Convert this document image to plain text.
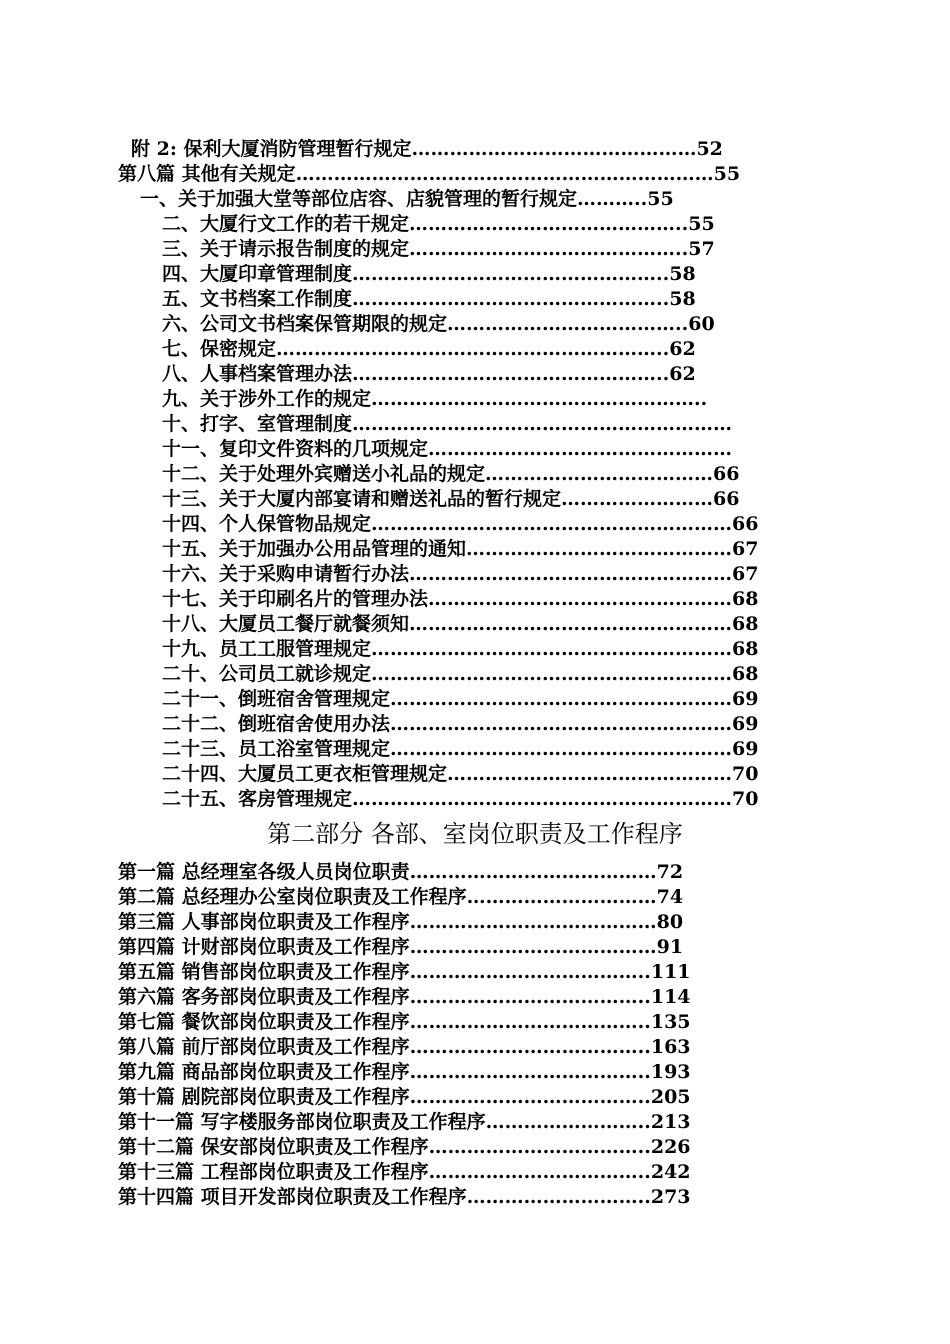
附 2: 保利大厦消防管理暂行规定………………………………………52
第八篇 其他有关规定…………………………………………………………55
一、关于加强大堂等部位店容、店貌管理的暂行规定………..55
二、大厦行文工作的若干规定……………………………………..55
三、关于请示报告制度的规定……………………………………..57
四、大厦印章管理制度…………………………………………..58
五、文书档案工作制度…………………………………………..58
六、公司文书档案保管期限的规定………………………………..60
七、保密规定……………………………………………………..62
八、人事档案管理办法…………………………………………..62
九、关于涉外工作的规定……………………………………………..
十、打字、室管理制度……………………………………………………
十一、复印文件资料的几项规定…………………………………………
十二、关于处理外宾赠送小礼品的规定………………………………66
十三、关于大厦内部宴请和赠送礼品的暂行规定……………………66
十四、个人保管物品规定…………………………………………………66
十五、关于加强办公用品管理的通知……………………………………67
十六、关于采购申请暂行办法……………………………………………67
十七、关于印刷名片的管理办法…………………………………………68
十八、大厦员工餐厅就餐须知……………………………………………68
十九、员工工服管理规定…………………………………………………68
二十、公司员工就诊规定…………………………………………………68
二十一、倒班宿舍管理规定………………………………………………69
二十二、倒班宿舍使用办法………………………………………………69
二十三、员工浴室管理规定………………………………………………69
二十四、大厦员工更衣柜管理规定………………………………………70
二十五、客房管理规定……………………………………………………70
第二部分 各部、室岗位职责及工作程序
第一篇 总经理室各级人员岗位职责…………………………………72
第二篇 总经理办公室岗位职责及工作程序…………………………74
第三篇 人事部岗位职责及工作程序…………………………………80
第四篇 计财部岗位职责及工作程序…………………………………91
第五篇 销售部岗位职责及工作程序………………………………..111
第六篇 客务部岗位职责及工作程序………………………………..114
第七篇 餐饮部岗位职责及工作程序………………………………..135
第八篇 前厅部岗位职责及工作程序………………………………..163
第九篇 商品部岗位职责及工作程序………………………………..193
第十篇 剧院部岗位职责及工作程序………………………………..205
第十一篇 写字楼服务部岗位职责及工作程序……………………..213
第十二篇 保安部岗位职责及工作程序……………………………..226
第十三篇 工程部岗位职责及工作程序……………………………..242
第十四篇 项目开发部岗位职责及工作程序………………………..273
